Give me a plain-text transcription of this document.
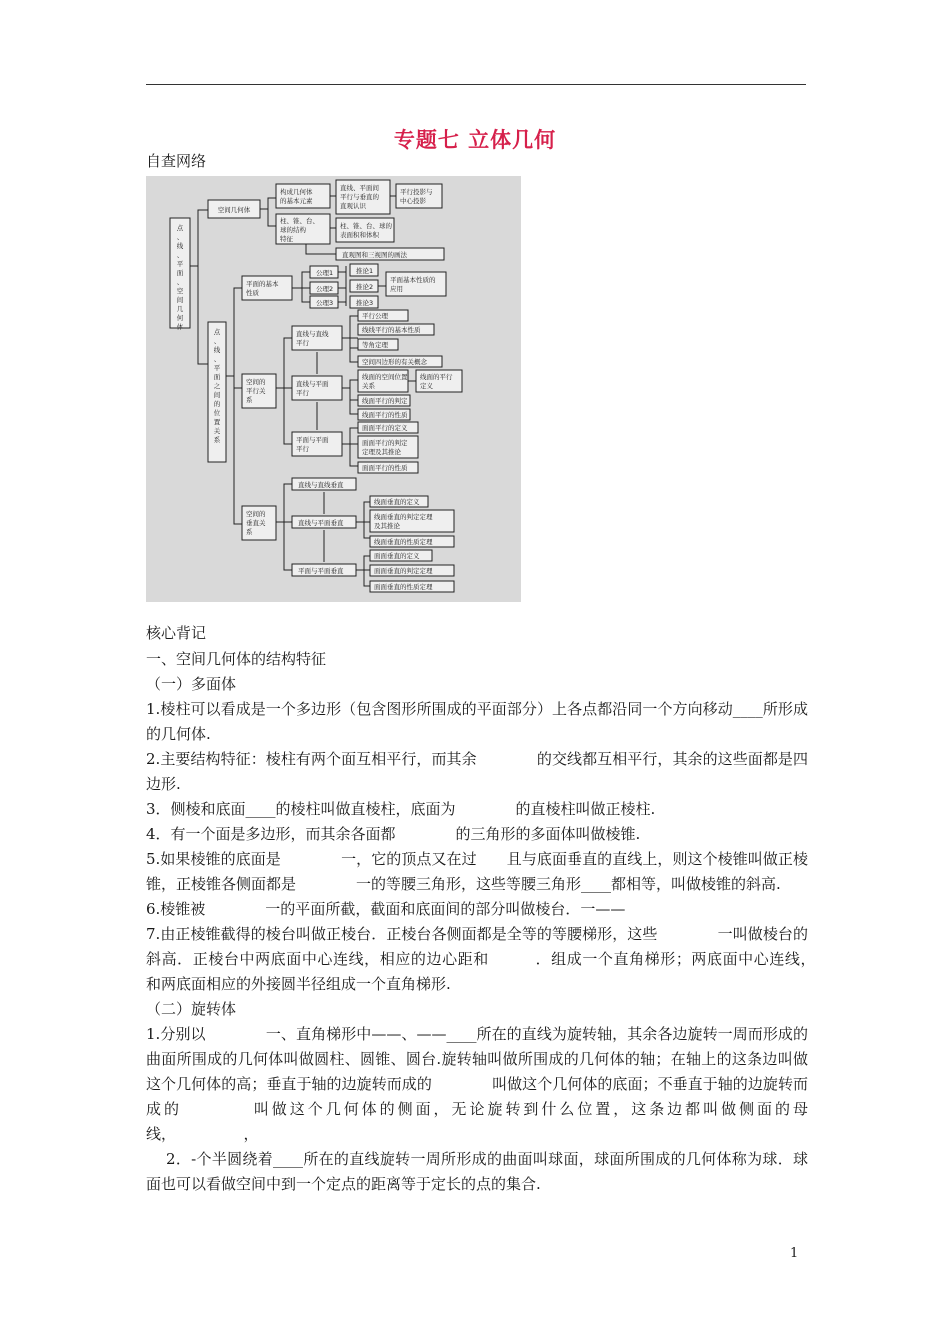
专题七 立体几何
自查网络
点、线、平面、空间几何体
空间几何体
构成几何体的基本元素
柱、锥、台、球的结构特征
直线、平面间平行与垂直的直观认识
柱、锥、台、球的表面积和体积
平行投影与中心投影
直观图和三视图的画法
点、线、平面之间的位置关系
平面的基本性质
公理1
公理2
公理3
推论1
推论2
推论3
平面基本性质的应用
空间的平行关系
直线与直线平行
直线与平面平行
平面与平面平行
平行公理
线线平行的基本性质
等角定理
空间四边形的有关概念
线面的空间位置关系
线面的平行定义
线面平行的判定
线面平行的性质
面面平行的定义
面面平行的判定定理及其推论
面面平行的性质
空间的垂直关系
直线与直线垂直
直线与平面垂直
平面与平面垂直
线面垂直的定义
线面垂直的判定定理及其推论
线面垂直的性质定理
面面垂直的定义
面面垂直的判定定理
面面垂直的性质定理
核心背记

一、空间几何体的结构特征

（一）多面体

1.棱柱可以看成是一个多边形（包含图形所围成的平面部分）上各点都沿同一个方向移动____所形成的几何体.

2.主要结构特征：棱柱有两个面互相平行，而其余　　　　的交线都互相平行，其余的这些面都是四边形.

3．侧棱和底面____的棱柱叫做直棱柱，底面为　　　　的直棱柱叫做正棱柱.

4．有一个面是多边形，而其余各面都　　　　的三角形的多面体叫做棱锥.

5.如果棱锥的底面是　　　　一，它的顶点又在过　　且与底面垂直的直线上，则这个棱锥叫做正棱锥，正棱锥各侧面都是　　　　一的等腰三角形，这些等腰三角形____都相等，叫做棱锥的斜高.

6.棱锥被　　　　一的平面所截，截面和底面间的部分叫做棱台．一——

7.由正棱锥截得的棱台叫做正棱台．正棱台各侧面都是全等的等腰梯形，这些　　　　一叫做棱台的斜高．正棱台中两底面中心连线，相应的边心距和　　　．组成一个直角梯形；两底面中心连线，　　　　和两底面相应的外接圆半径组成一个直角梯形.

（二）旋转体

1.分别以　　　　一、直角梯形中——、——____所在的直线为旋转轴，其余各边旋转一周而形成的曲面所围成的几何体叫做圆柱、圆锥、圆台.旋转轴叫做所围成的几何体的轴；在轴上的这条边叫做这个几何体的高；垂直于轴的边旋转而成的　　　　叫做这个几何体的底面；不垂直于轴的边旋转而成的　　　　叫做这个几何体的侧面，无论旋转到什么位置，这条边都叫做侧面的母线，　　　　　，

2．-个半圆绕着____所在的直线旋转一周所形成的曲面叫球面，球面所围成的几何体称为球．球面也可以看做空间中到一个定点的距离等于定长的点的集合.

1
